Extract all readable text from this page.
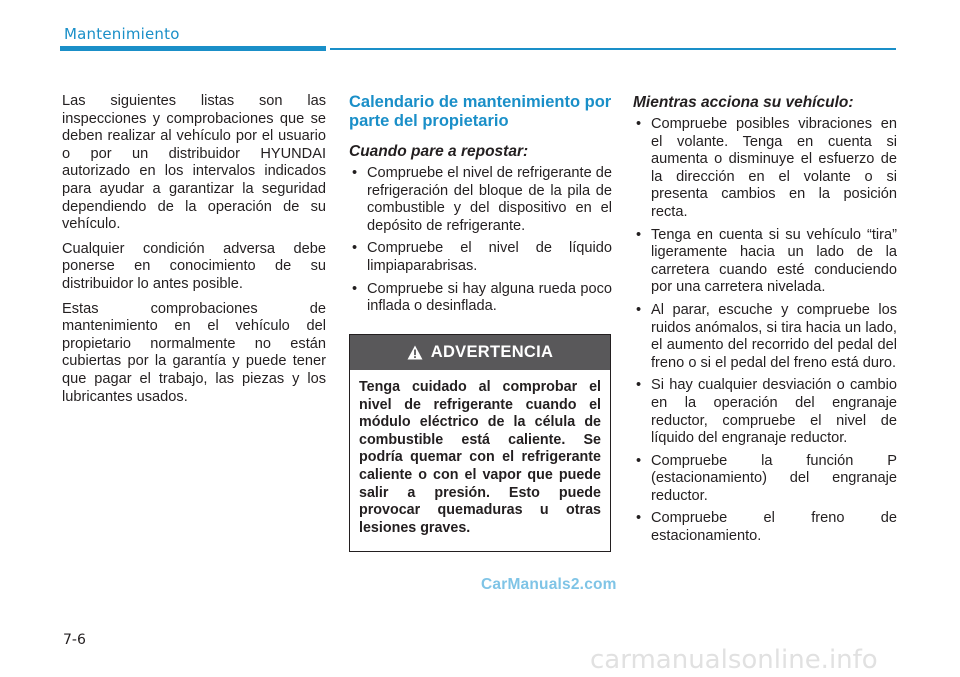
Mantenimiento

Las siguientes listas son las inspecciones y comprobaciones que se deben realizar al vehículo por el usuario o por un distribuidor HYUNDAI autorizado en los intervalos indicados para ayudar a garantizar la seguridad dependiendo de la operación de su vehículo.

Cualquier condición adversa debe ponerse en conocimiento de su distribuidor lo antes posible.

Estas comprobaciones de mantenimiento en el vehículo del propietario normalmente no están cubiertas por la garantía y puede tener que pagar el trabajo, las piezas y los lubricantes usados.

Calendario de mantenimiento por parte del propietario
Cuando pare a repostar:
• Compruebe el nivel de refrigerante de refrigeración del bloque de la pila de combustible y del dispositivo en el depósito de refrigerante.
• Compruebe el nivel de líquido limpiaparabrisas.
• Compruebe si hay alguna rueda poco inflada o desinflada.
ADVERTENCIA

Tenga cuidado al comprobar el nivel de refrigerante cuando el módulo eléctrico de la célula de combustible está caliente. Se podría quemar con el refrigerante caliente o con el vapor que puede salir a presión. Esto puede provocar quemaduras u otras lesiones graves.

Mientras acciona su vehículo:
• Compruebe posibles vibraciones en el volante. Tenga en cuenta si aumenta o disminuye el esfuerzo de la dirección en el volante o si presenta cambios en la posición recta.
• Tenga en cuenta si su vehículo “tira” ligeramente hacia un lado de la carretera cuando esté conduciendo por una carretera nivelada.
• Al parar, escuche y compruebe los ruidos anómalos, si tira hacia un lado, el aumento del recorrido del pedal del freno o si el pedal del freno está duro.
• Si hay cualquier desviación o cambio en la operación del engranaje reductor, compruebe el nivel de líquido del engranaje reductor.
• Compruebe la función P (estacionamiento) del engranaje reductor.
• Compruebe el freno de estacionamiento.
CarManuals2.com
7-6
carmanualsonline.info
